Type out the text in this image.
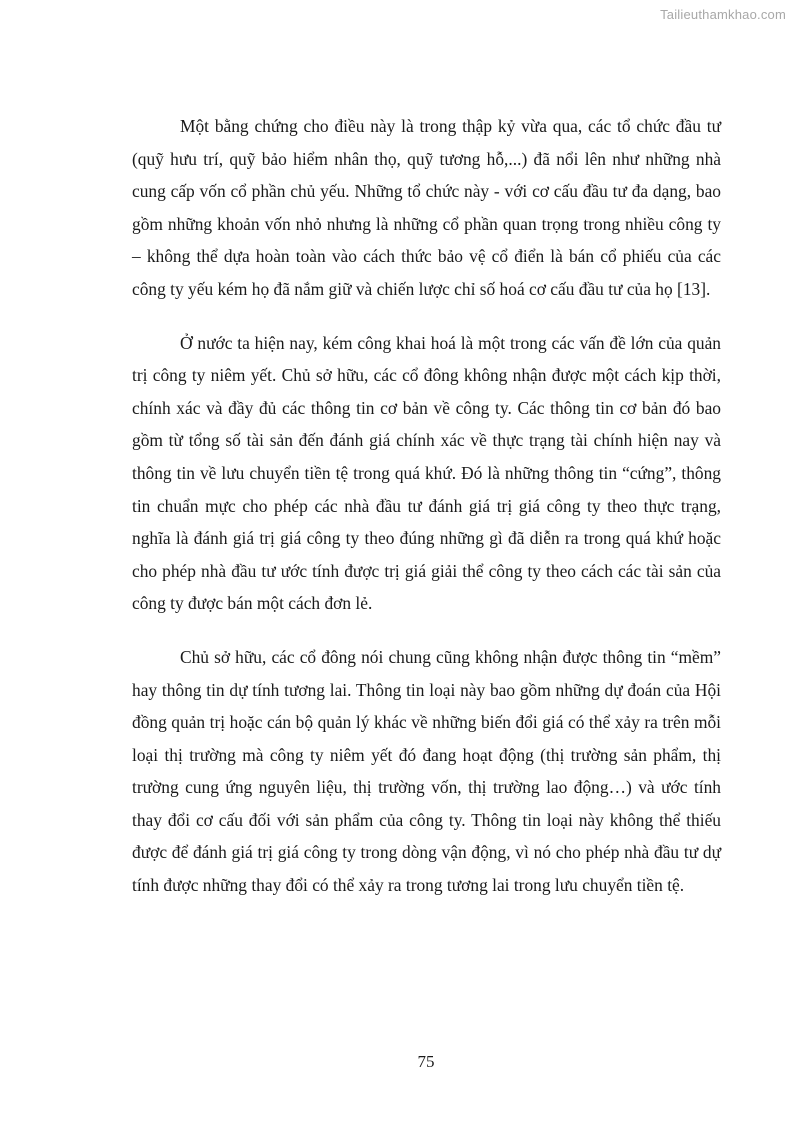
Tailieuthamkhao.com

Một bằng chứng cho điều này là trong thập kỷ vừa qua, các tổ chức đầu tư (quỹ hưu trí, quỹ bảo hiểm nhân thọ, quỹ tương hỗ,...) đã nổi lên như những nhà cung cấp vốn cổ phần chủ yếu. Những tổ chức này - với cơ cấu đầu tư đa dạng, bao gồm những khoản vốn nhỏ nhưng là những cổ phần quan trọng trong nhiều công ty – không thể dựa hoàn toàn vào cách thức bảo vệ cổ điển là bán cổ phiếu của các công ty yếu kém họ đã nắm giữ và chiến lược chỉ số hoá cơ cấu đầu tư của họ [13].

Ở nước ta hiện nay, kém công khai hoá là một trong các vấn đề lớn của quản trị công ty niêm yết. Chủ sở hữu, các cổ đông không nhận được một cách kịp thời, chính xác và đầy đủ các thông tin cơ bản về công ty. Các thông tin cơ bản đó bao gồm từ tổng số tài sản đến đánh giá chính xác về thực trạng tài chính hiện nay và thông tin về lưu chuyển tiền tệ trong quá khứ. Đó là những thông tin “cứng”, thông tin chuẩn mực cho phép các nhà đầu tư đánh giá trị giá công ty theo thực trạng, nghĩa là đánh giá trị giá công ty theo đúng những gì đã diễn ra trong quá khứ hoặc cho phép nhà đầu tư ước tính được trị giá giải thể công ty theo cách các tài sản của công ty được bán một cách đơn lẻ.

Chủ sở hữu, các cổ đông nói chung cũng không nhận được thông tin “mềm” hay thông tin dự tính tương lai. Thông tin loại này bao gồm những dự đoán của Hội đồng quản trị hoặc cán bộ quản lý khác về những biến đổi giá có thể xảy ra trên mỗi loại thị trường mà công ty niêm yết đó đang hoạt động (thị trường sản phẩm, thị trường cung ứng nguyên liệu, thị trường vốn, thị trường lao động…) và ước tính thay đổi cơ cấu đối với sản phẩm của công ty. Thông tin loại này không thể thiếu được để đánh giá trị giá công ty trong dòng vận động, vì nó cho phép nhà đầu tư dự tính được những thay đổi có thể xảy ra trong tương lai trong lưu chuyển tiền tệ.

75
